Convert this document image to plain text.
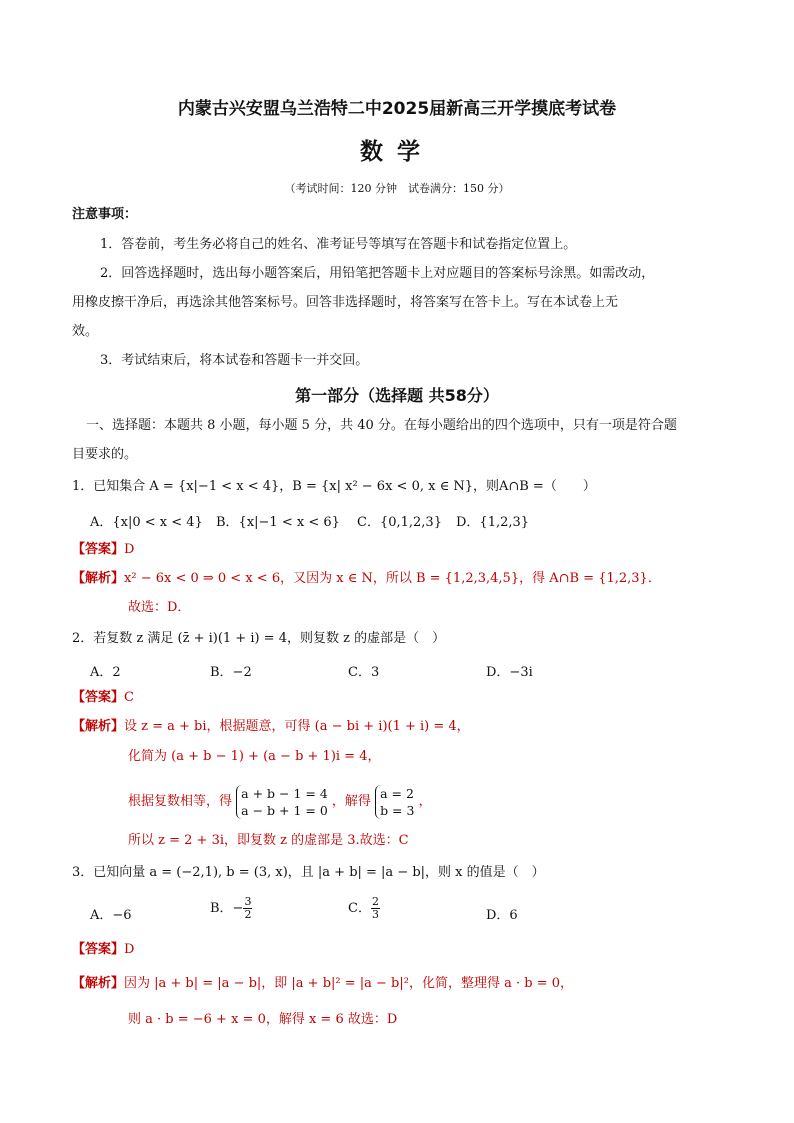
内蒙古兴安盟乌兰浩特二中2025届新高三开学摸底考试卷
数学
（考试时间：120 分钟　试卷满分：150 分）
注意事项：
1．答卷前，考生务必将自己的姓名、准考证号等填写在答题卡和试卷指定位置上。
2．回答选择题时，选出每小题答案后，用铅笔把答题卡上对应题目的答案标号涂黑。如需改动，
用橡皮擦干净后，再选涂其他答案标号。回答非选择题时，将答案写在答卡上。写在本试卷上无
效。
3．考试结束后，将本试卷和答题卡一并交回。
第一部分（选择题 共58分）
一、选择题：本题共 8 小题，每小题 5 分，共 40 分。在每小题给出的四个选项中，只有一项是符合题
目要求的。
1．已知集合 A = {x|−1 < x < 4}，B = {x| x² − 6x < 0, x ∈ N}，则A∩B =（　　）
A．{x|0 < x < 4} B．{x|−1 < x < 6} C．{0,1,2,3} D．{1,2,3}
【答案】D
【解析】x² − 6x < 0 ⇒ 0 < x < 6，又因为 x ∈ N，所以 B = {1,2,3,4,5}，得 A∩B = {1,2,3}．
故选：D．
2．若复数 z 满足 (z̄ + i)(1 + i) = 4，则复数 z 的虚部是（　）
A．2	B．−2	C．3	D．−3i
【答案】C
【解析】设 z = a + bi，根据题意，可得 (a − bi + i)(1 + i) = 4，
化简为 (a + b − 1) + (a − b + 1)i = 4，
根据复数相等，得
a + b − 1 = 4
a − b + 1 = 0
，解得
a = 2
b = 3
，
所以 z = 2 + 3i，即复数 z 的虚部是 3.故选：C
3．已知向量 a = (−2,1), b = (3, x)，且 |a + b| = |a − b|，则 x 的值是（　）
A．−6	B．− $\frac{3}{2}$	C． $\frac{2}{3}$	D．6
【答案】D
【解析】因为 |a + b| = |a − b|，即 |a + b|² = |a − b|²，化简，整理得 a · b = 0，
则 a · b = −6 + x = 0，解得 x = 6 故选：D
